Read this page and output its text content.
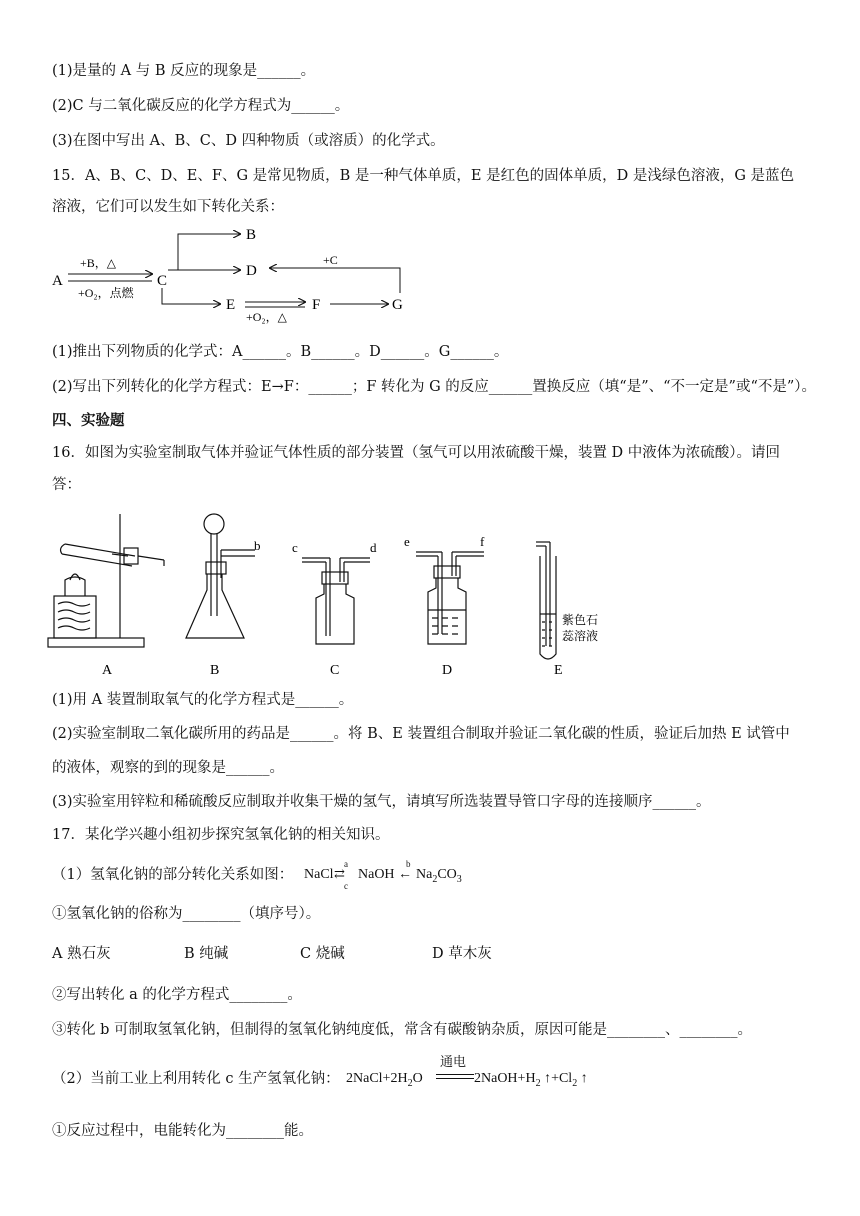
(1)是量的 A 与 B 反应的现象是______。
(2)C 与二氧化碳反应的化学方程式为______。
(3)在图中写出 A、B、C、D 四种物质（或溶质）的化学式。
15．A、B、C、D、E、F、G 是常见物质，B 是一种气体单质，E 是红色的固体单质，D 是浅绿色溶液，G 是蓝色
溶液，它们可以发生如下转化关系：
A
+B，△
+O₂，点燃
C
B
D
+C
E
+O₂，△
F	G
(1)推出下列物质的化学式：A______。B______。D______。G______。
(2)写出下列转化的化学方程式：E→F：______；F 转化为 G 的反应______置换反应（填“是”、“不一定是”或“不是”）。
四、实验题
16．如图为实验室制取气体并验证气体性质的部分装置（氢气可以用浓硫酸干燥，装置 D 中液体为浓硫酸）。请回
答：
A
b
B
c	d
C
e	f
D
紫色石
蕊溶液
E
(1)用 A 装置制取氧气的化学方程式是______。
(2)实验室制取二氧化碳所用的药品是______。将 B、E 装置组合制取并验证二氧化碳的性质，验证后加热 E 试管中
的液体，观察的到的现象是______。
(3)实验室用锌粒和稀硫酸反应制取并收集干燥的氢气，请填写所选装置导管口字母的连接顺序______。
17．某化学兴趣小组初步探究氢氧化钠的相关知识。
（1）氢氧化钠的部分转化关系如图： NaCl ⇄
a
c
NaOH ←
b
$Na_2CO_3$
①氢氧化钠的俗称为________（填序号）。
A 熟石灰	B 纯碱	C 烧碱	D 草木灰
②写出转化 a 的化学方程式________。
③转化 b 可制取氢氧化钠，但制得的氢氧化钠纯度低，常含有碳酸钠杂质，原因可能是________、________。
（2）当前工业上利用转化 c 生产氢氧化钠： $2NaCl+2H_2O$
通电
$2NaOH+H_2$ $↑+Cl_2$ ↑
①反应过程中，电能转化为________能。
